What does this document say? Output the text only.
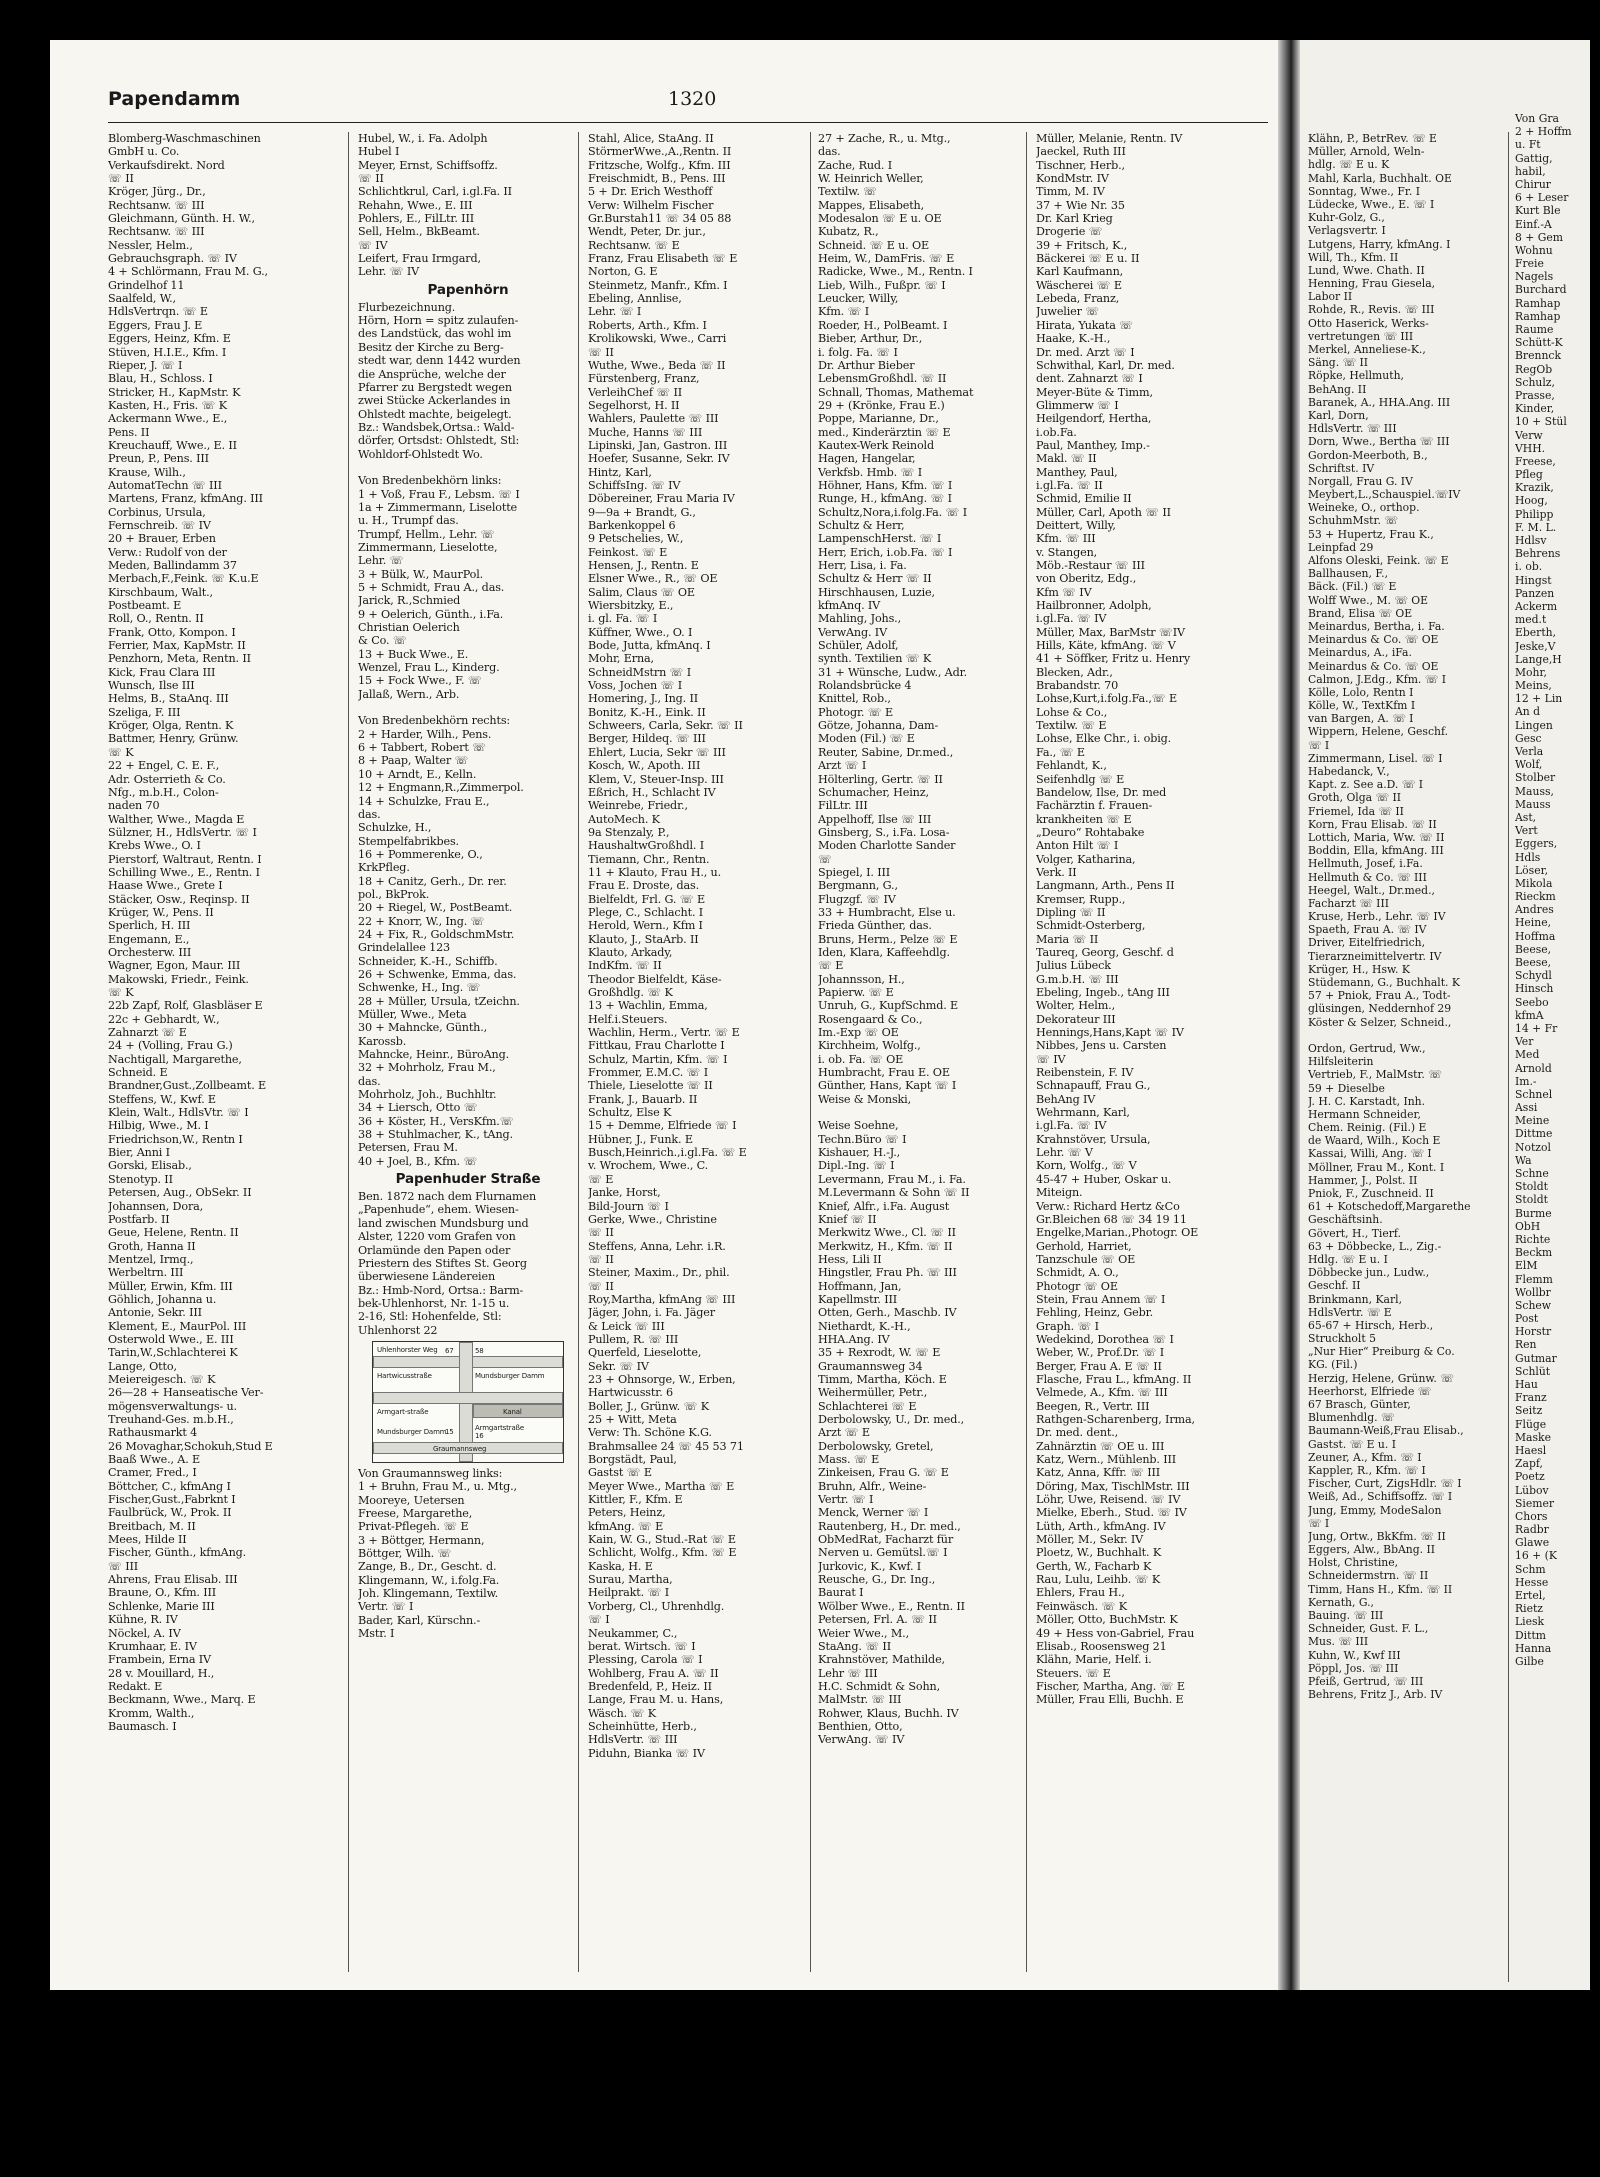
Papendamm	1320
Blomberg-Waschmaschinen
GmbH u. Co.
Verkaufsdirekt. Nord
☏ II
Kröger, Jürg., Dr.,
Rechtsanw. ☏ III
Gleichmann, Günth. H. W.,
Rechtsanw. ☏ III
Nessler, Helm.,
Gebrauchsgraph. ☏ IV
4 + Schlörmann, Frau M. G.,
Grindelhof 11
Saalfeld, W.,
HdlsVertrqn. ☏ E
Eggers, Frau J. E
Eggers, Heinz, Kfm. E
Stüven, H.I.E., Kfm. I
Rieper, J. ☏ I
Blau, H., Schloss. I
Stricker, H., KapMstr. K
Kasten, H., Fris. ☏ K
Ackermann Wwe., E.,
Pens. II
Kreuchauff, Wwe., E. II
Preun, P., Pens. III
Krause, Wilh.,
AutomatTechn ☏ III
Martens, Franz, kfmAng. III
Corbinus, Ursula,
Fernschreib. ☏ IV
20 + Brauer, Erben
Verw.: Rudolf von der
Meden, Ballindamm 37
Merbach,F.,Feink. ☏ K.u.E
Kirschbaum, Walt.,
Postbeamt. E
Roll, O., Rentn. II
Frank, Otto, Kompon. I
Ferrier, Max, KapMstr. II
Penzhorn, Meta, Rentn. II
Kick, Frau Clara III
Wunsch, Ilse III
Helms, B., StaAnq. III
Szeliga, F. III
Kröger, Olga, Rentn. K
Battmer, Henry, Grünw.
☏ K
22 + Engel, C. E. F.,
Adr. Osterrieth & Co.
Nfg., m.b.H., Colon-
naden 70
Walther, Wwe., Magda E
Sülzner, H., HdlsVertr. ☏ I
Krebs Wwe., O. I
Pierstorf, Waltraut, Rentn. I
Schilling Wwe., E., Rentn. I
Haase Wwe., Grete I
Stäcker, Osw., Reqinsp. II
Krüger, W., Pens. II
Sperlich, H. III
Engemann, E.,
Orchesterw. III
Wagner, Egon, Maur. III
Makowski, Friedr., Feink.
☏ K
22b Zapf, Rolf, Glasbläser E
22c + Gebhardt, W.,
Zahnarzt ☏ E
24 + (Volling, Frau G.)
Nachtigall, Margarethe,
Schneid. E
Brandner,Gust.,Zollbeamt. E
Steffens, W., Kwf. E
Klein, Walt., HdlsVtr. ☏ I
Hilbig, Wwe., M. I
Friedrichson,W., Rentn I
Bier, Anni I
Gorski, Elisab.,
Stenotyp. II
Petersen, Aug., ObSekr. II
Johannsen, Dora,
Postfarb. II
Geue, Helene, Rentn. II
Groth, Hanna II
Mentzel, Irmq.,
Werbeltrn. III
Müller, Erwin, Kfm. III
Göhlich, Johanna u.
Antonie, Sekr. III
Klement, E., MaurPol. III
Osterwold Wwe., E. III
Tarin,W.,Schlachterei K
Lange, Otto,
Meiereigesch. ☏ K
26—28 + Hanseatische Ver-
mögensverwaltungs- u.
Treuhand-Ges. m.b.H.,
Rathausmarkt 4
26 Movaghar,Schokuh,Stud E
Baaß Wwe., A. E
Cramer, Fred., I
Böttcher, C., kfmAng I
Fischer,Gust.,Fabrknt I
Faulbrück, W., Prok. II
Breitbach, M. II
Mees, Hilde II
Fischer, Günth., kfmAng.
☏ III
Ahrens, Frau Elisab. III
Braune, O., Kfm. III
Schlenke, Marie III
Kühne, R. IV
Nöckel, A. IV
Krumhaar, E. IV
Frambein, Erna IV
28 v. Mouillard, H.,
Redakt. E
Beckmann, Wwe., Marq. E
Kromm, Walth.,
Baumasch. I
Hubel, W., i. Fa. Adolph
Hubel I
Meyer, Ernst, Schiffsoffz.
☏ II
Schlichtkrul, Carl, i.gl.Fa. II
Rehahn, Wwe., E. III
Pohlers, E., FilLtr. III
Sell, Helm., BkBeamt.
☏ IV
Leifert, Frau Irmgard,
Lehr. ☏ IV
Papenhörn
Flurbezeichnung.
Hörn, Horn = spitz zulaufen-
des Landstück, das wohl im
Besitz der Kirche zu Berg-
stedt war, denn 1442 wurden
die Ansprüche, welche der
Pfarrer zu Bergstedt wegen
zwei Stücke Ackerlandes in
Ohlstedt machte, beigelegt.
Bz.: Wandsbek,Ortsa.: Wald-
dörfer, Ortsdst: Ohlstedt, Stl:
Wohldorf-Ohlstedt Wo.
Von Bredenbekhörn links:
1 + Voß, Frau F., Lebsm. ☏ I
1a + Zimmermann, Liselotte
u. H., Trumpf das.
Trumpf, Hellm., Lehr. ☏
Zimmermann, Lieselotte,
Lehr. ☏
3 + Bülk, W., MaurPol.
5 + Schmidt, Frau A., das.
Jarick, R.,Schmied
9 + Oelerich, Günth., i.Fa.
Christian Oelerich
& Co. ☏
13 + Buck Wwe., E.
Wenzel, Frau L., Kinderg.
15 + Fock Wwe., F. ☏
Jallaß, Wern., Arb.
Von Bredenbekhörn rechts:
2 + Harder, Wilh., Pens.
6 + Tabbert, Robert ☏
8 + Paap, Walter ☏
10 + Arndt, E., Kelln.
12 + Engmann,R.,Zimmerpol.
14 + Schulzke, Frau E.,
das.
Schulzke, H.,
Stempelfabrikbes.
16 + Pommerenke, O.,
KrkPfleg.
18 + Canitz, Gerh., Dr. rer.
pol., BkProk.
20 + Riegel, W., PostBeamt.
22 + Knorr, W., Ing. ☏
24 + Fix, R., GoldschmMstr.
Grindelallee 123
Schneider, K.-H., Schiffb.
26 + Schwenke, Emma, das.
Schwenke, H., Ing. ☏
28 + Müller, Ursula, tZeichn.
Müller, Wwe., Meta
30 + Mahncke, Günth.,
Karossb.
Mahncke, Heinr., BüroAng.
32 + Mohrholz, Frau M.,
das.
Mohrholz, Joh., Buchhltr.
34 + Liersch, Otto ☏
36 + Köster, H., VersKfm.☏
38 + Stuhlmacher, K., tAng.
Petersen, Frau M.
40 + Joel, B., Kfm. ☏
Papenhuder Straße
Ben. 1872 nach dem Flurnamen
„Papenhude“, ehem. Wiesen-
land zwischen Mundsburg und
Alster, 1220 vom Grafen von
Orlamünde den Papen oder
Priestern des Stiftes St. Georg
überwiesene Ländereien
Bz.: Hmb-Nord, Ortsa.: Barm-
bek-Uhlenhorst, Nr. 1-15 u.
2-16, Stl: Hohenfelde, Stl:
Uhlenhorst 22
Uhlenhorster Weg
Hartwicusstraße	Mundsburger Damm
Kanal
Armgart-straße
Armgartstraße
Graumannsweg
Mundsburger Damm
67	58
15	16
Von Graumannsweg links:
1 + Bruhn, Frau M., u. Mtg.,
Mooreye, Uetersen
Freese, Margarethe,
Privat-Pflegeh. ☏ E
3 + Böttger, Hermann,
Böttger, Wilh. ☏
Zange, B., Dr., Gescht. d.
Klingemann, W., i.folg.Fa.
Joh. Klingemann, Textilw.
Vertr. ☏ I
Bader, Karl, Kürschn.-
Mstr. I
Stahl, Alice, StaAng. II
StörmerWwe.,A.,Rentn. II
Fritzsche, Wolfg., Kfm. III
Freischmidt, B., Pens. III
5 + Dr. Erich Westhoff
Verw: Wilhelm Fischer
Gr.Burstah11 ☏ 34 05 88
Wendt, Peter, Dr. jur.,
Rechtsanw. ☏ E
Franz, Frau Elisabeth ☏ E
Norton, G. E
Steinmetz, Manfr., Kfm. I
Ebeling, Annlise,
Lehr. ☏ I
Roberts, Arth., Kfm. I
Krolikowski, Wwe., Carri
☏ II
Wuthe, Wwe., Beda ☏ II
Fürstenberg, Franz,
VerleihChef ☏ II
Segelhorst, H. II
Wahlers, Paulette ☏ III
Muche, Hanns ☏ III
Lipinski, Jan, Gastron. III
Hoefer, Susanne, Sekr. IV
Hintz, Karl,
SchiffsIng. ☏ IV
Döbereiner, Frau Maria IV
9—9a + Brandt, G.,
Barkenkoppel 6
9 Petschelies, W.,
Feinkost. ☏ E
Hensen, J., Rentn. E
Elsner Wwe., R., ☏ OE
Salim, Claus ☏ OE
Wiersbitzky, E.,
i. gl. Fa. ☏ I
Küffner, Wwe., O. I
Bode, Jutta, kfmAnq. I
Mohr, Erna,
SchneidMstrn ☏ I
Voss, Jochen ☏ I
Homering, J., Ing. II
Bonitz, K.-H., Eink. II
Schweers, Carla, Sekr. ☏ II
Berger, Hildeq. ☏ III
Ehlert, Lucia, Sekr ☏ III
Kosch, W., Apoth. III
Klem, V., Steuer-Insp. III
Eßrich, H., Schlacht IV
Weinrebe, Friedr.,
AutoMech. K
9a Stenzaly, P.,
HaushaltwGroßhdl. I
Tiemann, Chr., Rentn.
11 + Klauto, Frau H., u.
Frau E. Droste, das.
Bielfeldt, Frl. G. ☏ E
Plege, C., Schlacht. I
Herold, Wern., Kfm I
Klauto, J., StaArb. II
Klauto, Arkady,
IndKfm. ☏ II
Theodor Bielfeldt, Käse-
Großhdlg. ☏ K
13 + Wachlin, Emma,
Helf.i.Steuers.
Wachlin, Herm., Vertr. ☏ E
Fittkau, Frau Charlotte I
Schulz, Martin, Kfm. ☏ I
Frommer, E.M.C. ☏ I
Thiele, Lieselotte ☏ II
Frank, J., Bauarb. II
Schultz, Else K
15 + Demme, Elfriede ☏ I
Hübner, J., Funk. E
Busch,Heinrich.,i.gl.Fa. ☏ E
v. Wrochem, Wwe., C.
☏ E
Janke, Horst,
Bild-Journ ☏ I
Gerke, Wwe., Christine
☏ II
Steffens, Anna, Lehr. i.R.
☏ II
Steiner, Maxim., Dr., phil.
☏ II
Roy,Martha, kfmAng ☏ III
Jäger, John, i. Fa. Jäger
& Leick ☏ III
Pullem, R. ☏ III
Querfeld, Lieselotte,
Sekr. ☏ IV
23 + Ohnsorge, W., Erben,
Hartwicusstr. 6
Boller, J., Grünw. ☏ K
25 + Witt, Meta
Verw: Th. Schöne K.G.
Brahmsallee 24 ☏ 45 53 71
Borgstädt, Paul,
Gastst ☏ E
Meyer Wwe., Martha ☏ E
Kittler, F., Kfm. E
Peters, Heinz,
kfmAng. ☏ E
Kain, W. G., Stud.-Rat ☏ E
Schlicht, Wolfg., Kfm. ☏ E
Kaska, H. E
Surau, Martha,
Heilprakt. ☏ I
Vorberg, Cl., Uhrenhdlg.
☏ I
Neukammer, C.,
berat. Wirtsch. ☏ I
Plessing, Carola ☏ I
Wohlberg, Frau A. ☏ II
Bredenfeld, P., Heiz. II
Lange, Frau M. u. Hans,
Wäsch. ☏ K
Scheinhütte, Herb.,
HdlsVertr. ☏ III
Piduhn, Bianka ☏ IV
27 + Zache, R., u. Mtg.,
das.
Zache, Rud. I
W. Heinrich Weller,
Textilw. ☏
Mappes, Elisabeth,
Modesalon ☏ E u. OE
Kubatz, R.,
Schneid. ☏ E u. OE
Heim, W., DamFris. ☏ E
Radicke, Wwe., M., Rentn. I
Lieb, Wilh., Fußpr. ☏ I
Leucker, Willy,
Kfm. ☏ I
Roeder, H., PolBeamt. I
Bieber, Arthur, Dr.,
i. folg. Fa. ☏ I
Dr. Arthur Bieber
LebensmGroßhdl. ☏ II
Schnall, Thomas, Mathemat
29 + (Krönke, Frau E.)
Poppe, Marianne, Dr.,
med., Kinderärztin ☏ E
Kautex-Werk Reinold
Hagen, Hangelar,
Verkfsb. Hmb. ☏ I
Höhner, Hans, Kfm. ☏ I
Runge, H., kfmAng. ☏ I
Schultz,Nora,i.folg.Fa. ☏ I
Schultz & Herr,
LampenschHerst. ☏ I
Herr, Erich, i.ob.Fa. ☏ I
Herr, Lisa, i. Fa.
Schultz & Herr ☏ II
Hirschhausen, Luzie,
kfmAnq. IV
Mahling, Johs.,
VerwAng. IV
Schüler, Adolf,
synth. Textilien ☏ K
31 + Wünsche, Ludw., Adr.
Rolandsbrücke 4
Knittel, Rob.,
Photogr. ☏ E
Götze, Johanna, Dam-
Moden (Fil.) ☏ E
Reuter, Sabine, Dr.med.,
Arzt ☏ I
Hölterling, Gertr. ☏ II
Schumacher, Heinz,
FilLtr. III
Appelhoff, Ilse ☏ III
Ginsberg, S., i.Fa. Losa-
Moden Charlotte Sander
☏
Spiegel, I. III
Bergmann, G.,
Flugzgf. ☏ IV
33 + Humbracht, Else u.
Frieda Günther, das.
Bruns, Herm., Pelze ☏ E
Iden, Klara, Kaffeehdlg.
☏ E
Johannsson, H.,
Papierw. ☏ E
Unruh, G., KupfSchmd. E
Rosengaard & Co.,
Im.-Exp ☏ OE
Kirchheim, Wolfg.,
i. ob. Fa. ☏ OE
Humbracht, Frau E. OE
Günther, Hans, Kapt ☏ I
Weise & Monski,
Weise Soehne,
Techn.Büro ☏ I
Kishauer, H.-J.,
Dipl.-Ing. ☏ I
Levermann, Frau M., i. Fa.
M.Levermann & Sohn ☏ II
Knief, Alfr., i.Fa. August
Knief ☏ II
Merkwitz Wwe., Cl. ☏ II
Merkwitz, H., Kfm. ☏ II
Hess, Lili II
Hingstler, Frau Ph. ☏ III
Hoffmann, Jan,
Kapellmstr. III
Otten, Gerh., Maschb. IV
Niethardt, K.-H.,
HHA.Ang. IV
35 + Rexrodt, W. ☏ E
Graumannsweg 34
Timm, Martha, Köch. E
Weihermüller, Petr.,
Schlachterei ☏ E
Derbolowsky, U., Dr. med.,
Arzt ☏ E
Derbolowsky, Gretel,
Mass. ☏ E
Zinkeisen, Frau G. ☏ E
Bruhn, Alfr., Weine-
Vertr. ☏ I
Menck, Werner ☏ I
Rautenberg, H., Dr. med.,
ObMedRat, Facharzt für
Nerven u. Gemütsl.☏ I
Jurkovic, K., Kwf. I
Reusche, G., Dr. Ing.,
Baurat I
Wölber Wwe., E., Rentn. II
Petersen, Frl. A. ☏ II
Weier Wwe., M.,
StaAng. ☏ II
Krahnstöver, Mathilde,
Lehr ☏ III
H.C. Schmidt & Sohn,
MalMstr. ☏ III
Rohwer, Klaus, Buchh. IV
Benthien, Otto,
VerwAng. ☏ IV
Müller, Melanie, Rentn. IV
Jaeckel, Ruth III
Tischner, Herb.,
KondMstr. IV
Timm, M. IV
37 + Wie Nr. 35
Dr. Karl Krieg
Drogerie ☏
39 + Fritsch, K.,
Bäckerei ☏ E u. II
Karl Kaufmann,
Wäscherei ☏ E
Lebeda, Franz,
Juwelier ☏
Hirata, Yukata ☏
Haake, K.-H.,
Dr. med. Arzt ☏ I
Schwithal, Karl, Dr. med.
dent. Zahnarzt ☏ I
Meyer-Büte & Timm,
Glimmerw ☏ I
Heilgendorf, Hertha,
i.ob.Fa.
Paul, Manthey, Imp.-
Makl. ☏ II
Manthey, Paul,
i.gl.Fa. ☏ II
Schmid, Emilie II
Müller, Carl, Apoth ☏ II
Deittert, Willy,
Kfm. ☏ III
v. Stangen,
Möb.-Restaur ☏ III
von Oberitz, Edg.,
Kfm ☏ IV
Hailbronner, Adolph,
i.gl.Fa. ☏ IV
Müller, Max, BarMstr ☏IV
Hills, Käte, kfmAng. ☏ V
41 + Söffker, Fritz u. Henry
Blecken, Adr.,
Brabandstr. 70
Lohse,Kurt,i.folg.Fa.,☏ E
Lohse & Co.,
Textilw. ☏ E
Lohse, Elke Chr., i. obig.
Fa., ☏ E
Fehlandt, K.,
Seifenhdlg ☏ E
Bandelow, Ilse, Dr. med
Fachärztin f. Frauen-
krankheiten ☏ E
„Deuro“ Rohtabake
Anton Hilt ☏ I
Volger, Katharina,
Verk. II
Langmann, Arth., Pens II
Kremser, Rupp.,
Dipling ☏ II
Schmidt-Osterberg,
Maria ☏ II
Taureq, Georg, Geschf. d
Julius Lübeck
G.m.b.H. ☏ III
Ebeling, Ingeb., tAng III
Wolter, Helm.,
Dekorateur III
Hennings,Hans,Kapt ☏ IV
Nibbes, Jens u. Carsten
☏ IV
Reibenstein, F. IV
Schnapauff, Frau G.,
BehAng IV
Wehrmann, Karl,
i.gl.Fa. ☏ IV
Krahnstöver, Ursula,
Lehr. ☏ V
Korn, Wolfg., ☏ V
45-47 + Huber, Oskar u.
Miteign.
Verw.: Richard Hertz &Co
Gr.Bleichen 68 ☏ 34 19 11
Engelke,Marian.,Photogr. OE
Gerhold, Harriet,
Tanzschule ☏ OE
Schmidt, A. O.,
Photogr ☏ OE
Stein, Frau Annem ☏ I
Fehling, Heinz, Gebr.
Graph. ☏ I
Wedekind, Dorothea ☏ I
Weber, W., Prof.Dr. ☏ I
Berger, Frau A. E ☏ II
Flasche, Frau L., kfmAng. II
Velmede, A., Kfm. ☏ III
Beegen, R., Vertr. III
Rathgen-Scharenberg, Irma,
Dr. med. dent.,
Zahnärztin ☏ OE u. III
Katz, Wern., Mühlenb. III
Katz, Anna, Kffr. ☏ III
Döring, Max, TischlMstr. III
Löhr, Uwe, Reisend. ☏ IV
Mielke, Eberh., Stud. ☏ IV
Lüth, Arth., kfmAng. IV
Möller, M., Sekr. IV
Ploetz, W., Buchhalt. K
Gerth, W., Facharb K
Rau, Lulu, Leihb. ☏ K
Ehlers, Frau H.,
Feinwäsch. ☏ K
Möller, Otto, BuchMstr. K
49 + Hess von-Gabriel, Frau
Elisab., Roosensweg 21
Klähn, Marie, Helf. i.
Steuers. ☏ E
Fischer, Martha, Ang. ☏ E
Müller, Frau Elli, Buchh. E
Klähn, P., BetrRev. ☏ E
Müller, Arnold, Weln-
hdlg. ☏ E u. K
Mahl, Karla, Buchhalt. OE
Sonntag, Wwe., Fr. I
Lüdecke, Wwe., E. ☏ I
Kuhr-Golz, G.,
Verlagsvertr. I
Lutgens, Harry, kfmAng. I
Will, Th., Kfm. II
Lund, Wwe. Chath. II
Henning, Frau Giesela,
Labor II
Rohde, R., Revis. ☏ III
Otto Haserick, Werks-
vertretungen ☏ III
Merkel, Anneliese-K.,
Säng. ☏ II
Röpke, Hellmuth,
BehAng. II
Baranek, A., HHA.Ang. III
Karl, Dorn,
HdlsVertr. ☏ III
Dorn, Wwe., Bertha ☏ III
Gordon-Meerboth, B.,
Schriftst. IV
Norgall, Frau G. IV
Meybert,L.,Schauspiel.☏IV
Weineke, O., orthop.
SchuhmMstr. ☏
53 + Hupertz, Frau K.,
Leinpfad 29
Alfons Oleski, Feink. ☏ E
Ballhausen, F.,
Bäck. (Fil.) ☏ E
Wolff Wwe., M. ☏ OE
Brand, Elisa ☏ OE
Meinardus, Bertha, i. Fa.
Meinardus & Co. ☏ OE
Meinardus, A., iFa.
Meinardus & Co. ☏ OE
Calmon, J.Edg., Kfm. ☏ I
Kölle, Lolo, Rentn I
Kölle, W., TextKfm I
van Bargen, A. ☏ I
Wippern, Helene, Geschf.
☏ I
Zimmermann, Lisel. ☏ I
Habedanck, V.,
Kapt. z. See a.D. ☏ I
Groth, Olga ☏ II
Friemel, Ida ☏ II
Korn, Frau Elisab. ☏ II
Lottich, Maria, Ww. ☏ II
Boddin, Ella, kfmAng. III
Hellmuth, Josef, i.Fa.
Hellmuth & Co. ☏ III
Heegel, Walt., Dr.med.,
Facharzt ☏ III
Kruse, Herb., Lehr. ☏ IV
Spaeth, Frau A. ☏ IV
Driver, Eitelfriedrich,
Tierarzneimittelvertr. IV
Krüger, H., Hsw. K
Stüdemann, G., Buchhalt. K
57 + Pniok, Frau A., Todt-
glüsingen, Neddernhof 29
Köster & Selzer, Schneid.,
Ordon, Gertrud, Ww.,
Hilfsleiterin
Vertrieb, F., MalMstr. ☏
59 + Dieselbe
J. H. C. Karstadt, Inh.
Hermann Schneider,
Chem. Reinig. (Fil.) E
de Waard, Wilh., Koch E
Kassai, Willi, Ang. ☏ I
Möllner, Frau M., Kont. I
Hammer, J., Polst. II
Pniok, F., Zuschneid. II
61 + Kotschedoff,Margarethe
Geschäftsinh.
Gövert, H., Tierf.
63 + Döbbecke, L., Zig.-
Hdlg. ☏ E u. I
Döbbecke jun., Ludw.,
Geschf. II
Brinkmann, Karl,
HdlsVertr. ☏ E
65-67 + Hirsch, Herb.,
Struckholt 5
„Nur Hier“ Preiburg & Co.
KG. (Fil.)
Herzig, Helene, Grünw. ☏
Heerhorst, Elfriede ☏
67 Brasch, Günter,
Blumenhdlg. ☏
Baumann-Weiß,Frau Elisab.,
Gastst. ☏ E u. I
Zeuner, A., Kfm. ☏ I
Kappler, R., Kfm. ☏ I
Fischer, Curt, ZigsHdlr. ☏ I
Weiß, Ad., Schiffsoffz. ☏ I
Jung, Emmy, ModeSalon
☏ I
Jung, Ortw., BkKfm. ☏ II
Eggers, Alw., BbAng. II
Holst, Christine,
Schneidermstrn. ☏ II
Timm, Hans H., Kfm. ☏ II
Kernath, G.,
Bauing. ☏ III
Schneider, Gust. F. L.,
Mus. ☏ III
Kuhn, W., Kwf III
Pöppl, Jos. ☏ III
Pfeiß, Gertrud, ☏ III
Behrens, Fritz J., Arb. IV
Von Gra
2 + Hoffm
u. Ft
Gattig,
habil,
Chirur
6 + Leser
Kurt Ble
Einf.-A
8 + Gem
Wohnu
Freie
Nagels
Burchard
Ramhap
Ramhap
Raume
Schütt-K
Brennck
RegOb
Schulz,
Prasse,
Kinder,
10 + Stül
Verw
VHH.
Freese,
Pfleg
Krazik,
Hoog,
Philipp
F. M. L.
Hdlsv
Behrens
i. ob.
Hingst
Panzen
Ackerm
med.t
Eberth,
Jeske,V
Lange,H
Mohr,
Meins,
12 + Lin
An d
Lingen
Gesc
Verla
Wolf,
Stolber
Mauss,
Mauss
Ast,
Vert
Eggers,
Hdls
Löser,
Mikola
Rieckm
Andres
Heine,
Hoffma
Beese,
Beese,
Schydl
Hinsch
Seebo
kfmA
14 + Fr
Ver
Med
Arnold
Im.-
Schnel
Assi
Meine
Dittme
Notzol
Wa
Schne
Stoldt
Stoldt
Burme
ObH
Richte
Beckm
ElM
Flemm
Wollbr
Schew
Post
Horstr
Ren
Gutmar
Schlüt
Hau
Franz
Seitz
Flüge
Maske
Haesl
Zapf,
Poetz
Lübov
Siemer
Chors
Radbr
Glawe
16 + (K
Schm
Hesse
Ertel,
Rietz
Liesk
Dittm
Hanna
Gilbe
